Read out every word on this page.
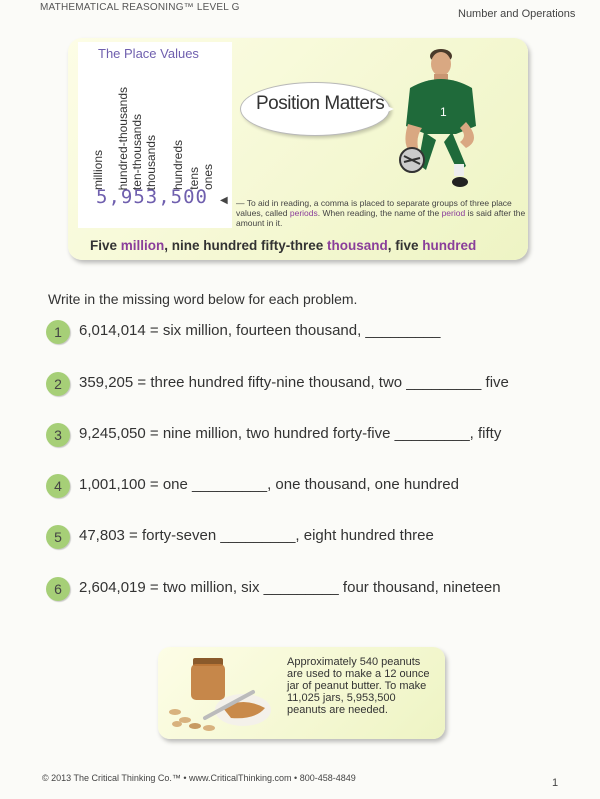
MATHEMATICAL REASONING™ LEVEL G
Number and Operations
The Place Values
millions hundred-thousands ten-thousands thousands hundreds tens ones
5,953,500 ◀ — To aid in reading, a comma is placed to separate groups of three place values, called periods. When reading, the name of the period is said after the amount in it.
Position Matters	1
Five million, nine hundred fifty-three thousand, five hundred
Write in the missing word below for each problem.
1	6,014,014 = six million, fourteen thousand, _________
2	359,205 = three hundred fifty-nine thousand, two _________ five
3	9,245,050 = nine million, two hundred forty-five _________, fifty
4	1,001,100 = one _________, one thousand, one hundred
5	47,803 = forty-seven _________, eight hundred three
6	2,604,019 = two million, six _________ four thousand, nineteen
Approximately 540 peanuts are used to make a 12 ounce jar of peanut butter. To make 11,025 jars, 5,953,500 peanuts are needed.
© 2013 The Critical Thinking Co.™ • www.CriticalThinking.com • 800-458-4849	1
